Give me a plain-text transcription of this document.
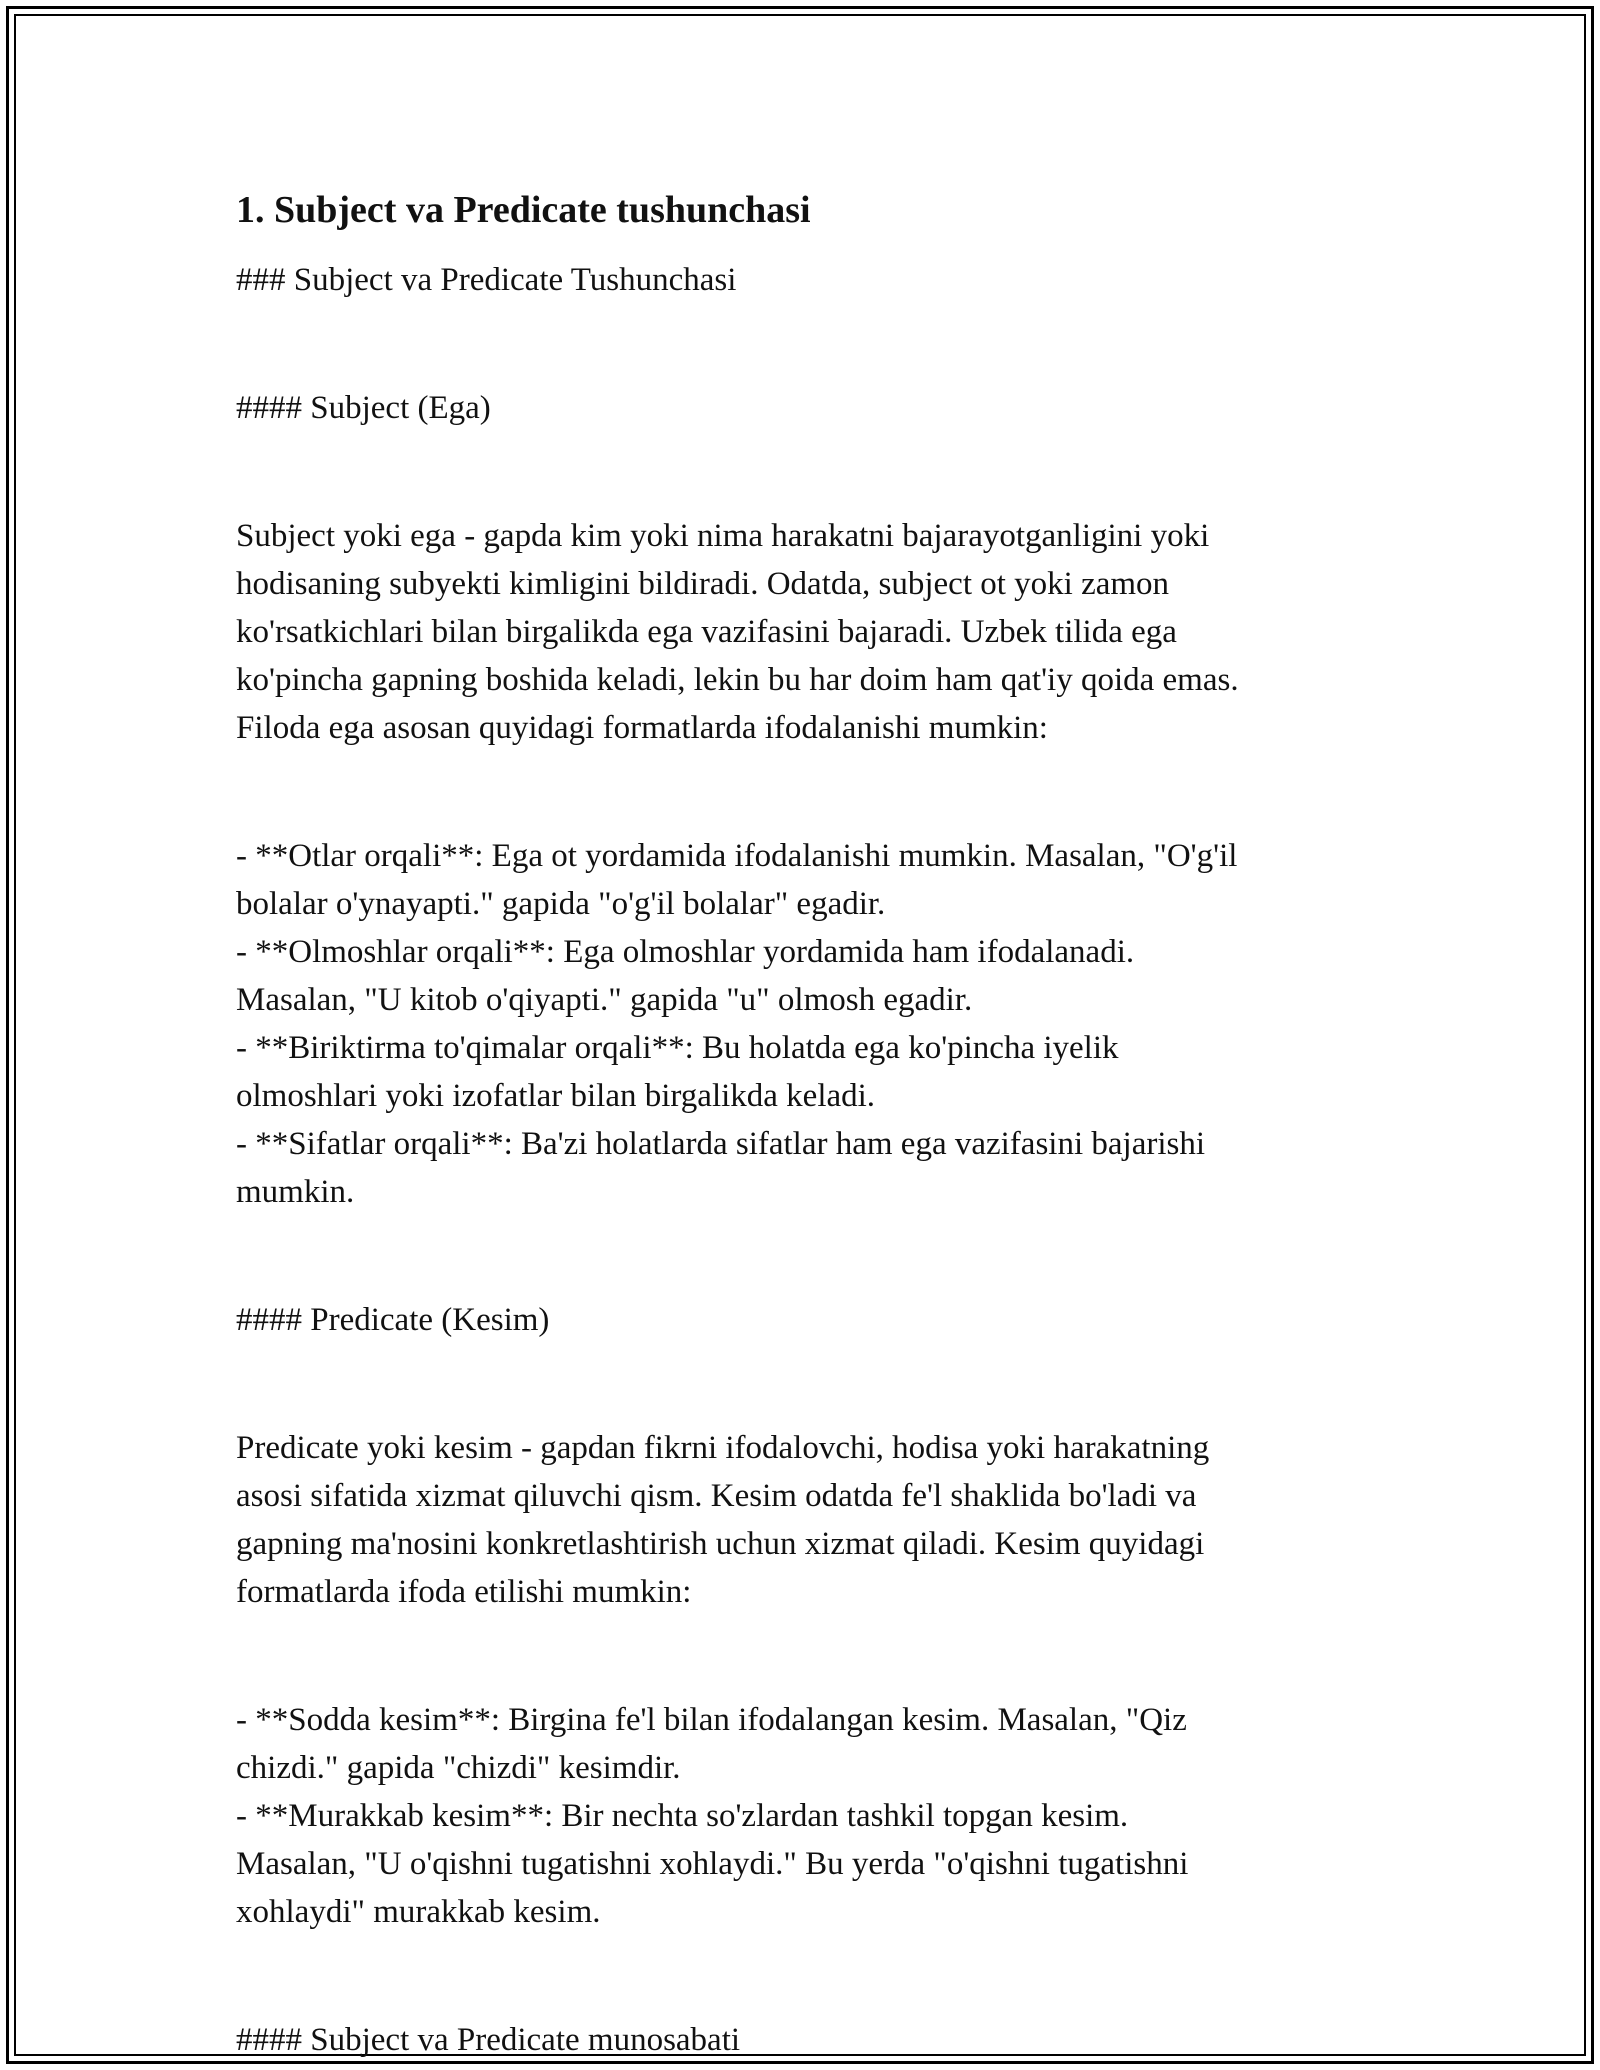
1. Subject va Predicate tushunchasi

### Subject va Predicate Tushunchasi

#### Subject (Ega)

Subject yoki ega - gapda kim yoki nima harakatni bajarayotganligini yoki

hodisaning subyekti kimligini bildiradi. Odatda, subject ot yoki zamon

ko'rsatkichlari bilan birgalikda ega vazifasini bajaradi. Uzbek tilida ega

ko'pincha gapning boshida keladi, lekin bu har doim ham qat'iy qoida emas.

Filoda ega asosan quyidagi formatlarda ifodalanishi mumkin:

- **Otlar orqali**: Ega ot yordamida ifodalanishi mumkin. Masalan, "O'g'il

bolalar o'ynayapti." gapida "o'g'il bolalar" egadir.

- **Olmoshlar orqali**: Ega olmoshlar yordamida ham ifodalanadi.

Masalan, "U kitob o'qiyapti." gapida "u" olmosh egadir.

- **Biriktirma to'qimalar orqali**: Bu holatda ega ko'pincha iyelik

olmoshlari yoki izofatlar bilan birgalikda keladi.

- **Sifatlar orqali**: Ba'zi holatlarda sifatlar ham ega vazifasini bajarishi

mumkin.

#### Predicate (Kesim)

Predicate yoki kesim - gapdan fikrni ifodalovchi, hodisa yoki harakatning

asosi sifatida xizmat qiluvchi qism. Kesim odatda fe'l shaklida bo'ladi va

gapning ma'nosini konkretlashtirish uchun xizmat qiladi. Kesim quyidagi

formatlarda ifoda etilishi mumkin:

- **Sodda kesim**: Birgina fe'l bilan ifodalangan kesim. Masalan, "Qiz

chizdi." gapida "chizdi" kesimdir.

- **Murakkab kesim**: Bir nechta so'zlardan tashkil topgan kesim.

Masalan, "U o'qishni tugatishni xohlaydi." Bu yerda "o'qishni tugatishni

xohlaydi" murakkab kesim.

#### Subject va Predicate munosabati
